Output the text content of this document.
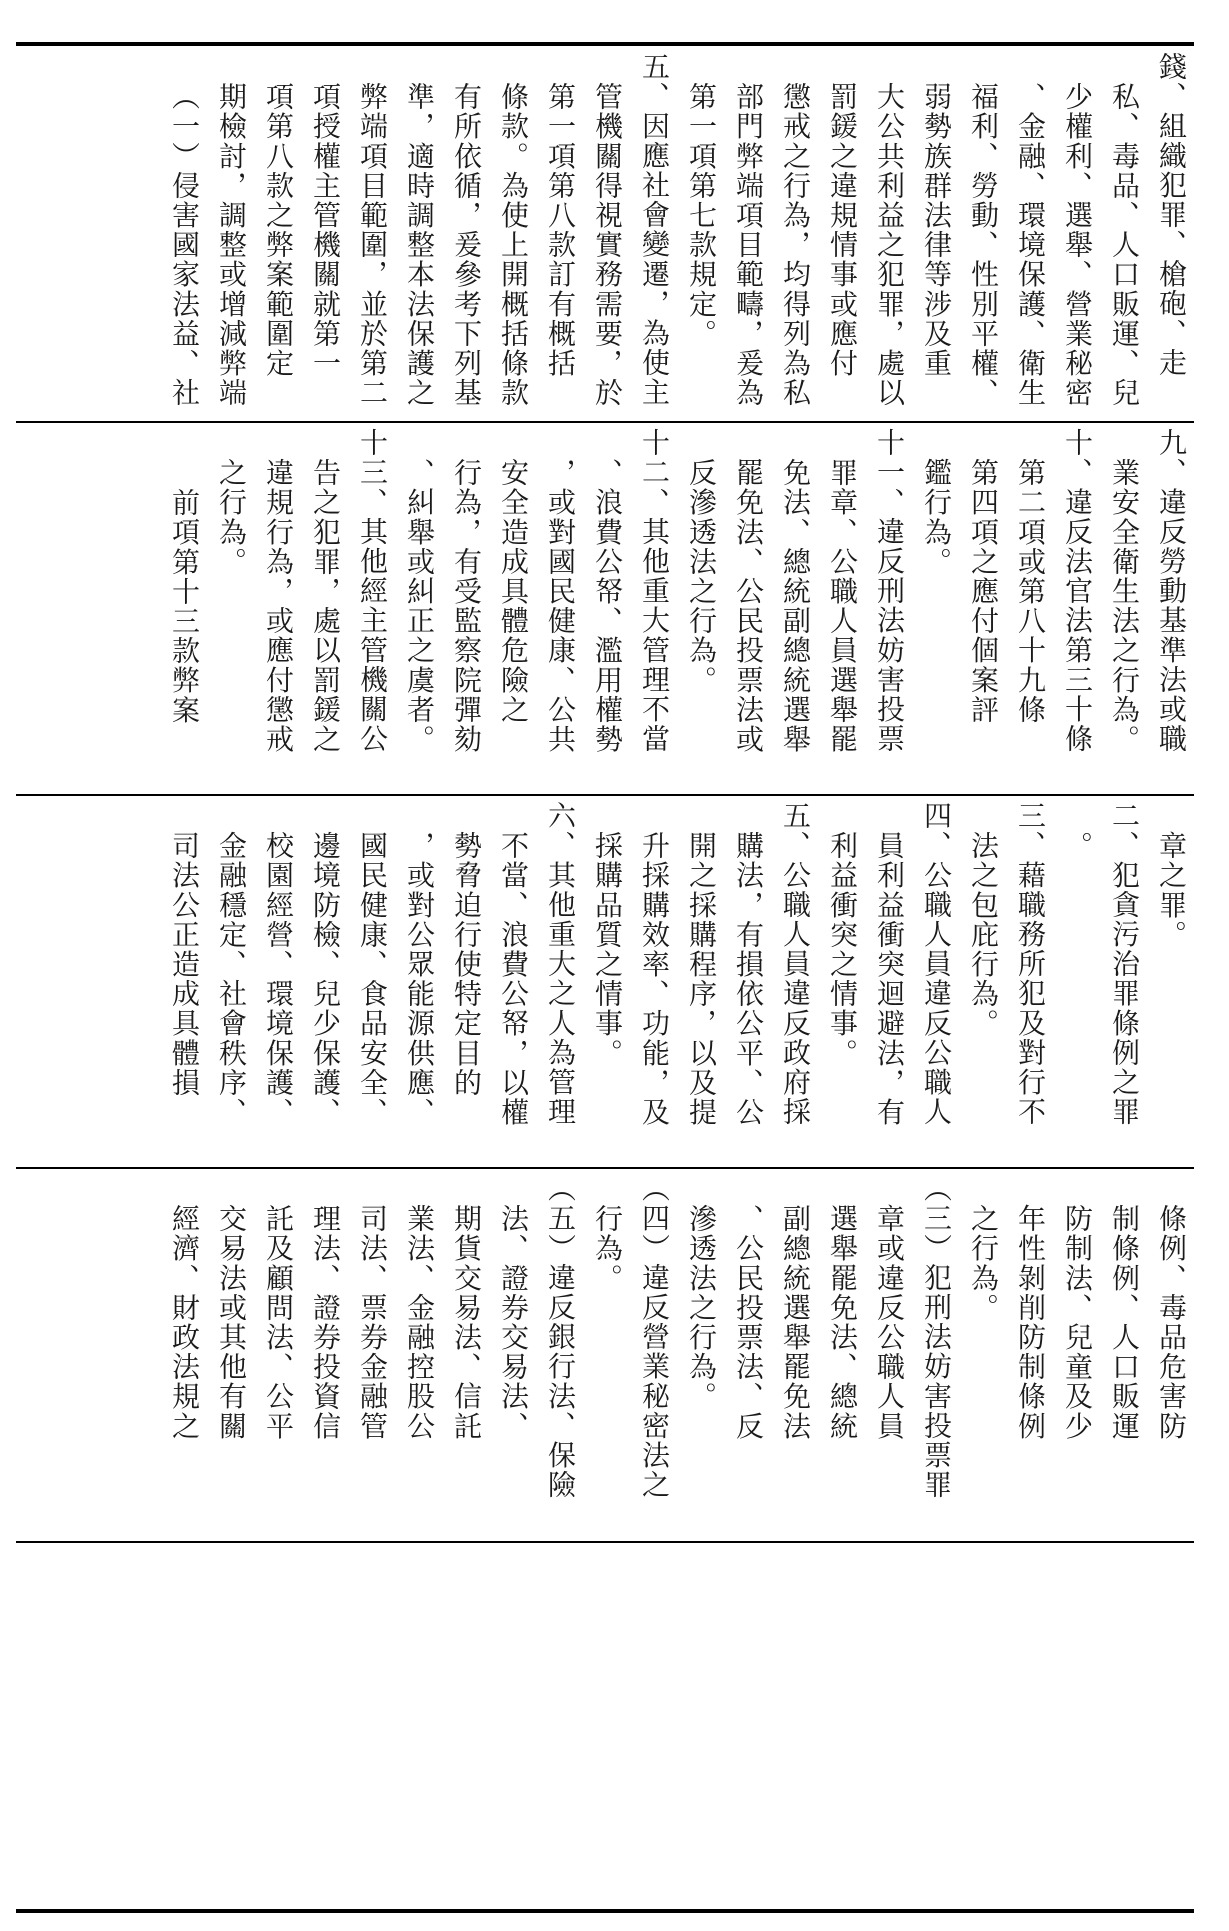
錢、組織犯罪、槍砲、走
私、毒品、人口販運、兒
少權利、選舉、營業秘密
、金融、環境保護、衛生
福利、勞動、性別平權、
弱勢族群法律等涉及重
大公共利益之犯罪，處以
罰鍰之違規情事或應付
懲戒之行為，均得列為私
部門弊端項目範疇，爰為
第一項第七款規定。
五、因應社會變遷，為使主
管機關得視實務需要，於
第一項第八款訂有概括
條款。為使上開概括條款
有所依循，爰參考下列基
準，適時調整本法保護之
弊端項目範圍，並於第二
項授權主管機關就第一
項第八款之弊案範圍定
期檢討，調整或增減弊端
（一）侵害國家法益、社
九、違反勞動基準法或職
業安全衛生法之行為。
十、違反法官法第三十條
第二項或第八十九條
第四項之應付個案評
鑑行為。
十一、違反刑法妨害投票
罪章、公職人員選舉罷
免法、總統副總統選舉
罷免法、公民投票法或
反滲透法之行為。
十二、其他重大管理不當
、浪費公帑、濫用權勢
，或對國民健康、公共
安全造成具體危險之
行為，有受監察院彈劾
、糾舉或糾正之虞者。
十三、其他經主管機關公
告之犯罪，處以罰鍰之
違規行為，或應付懲戒
之行為。
前項第十三款弊案
章之罪。
二、犯貪污治罪條例之罪
。
三、藉職務所犯及對行不
法之包庇行為。
四、公職人員違反公職人
員利益衝突迴避法，有
利益衝突之情事。
五、公職人員違反政府採
購法，有損依公平、公
開之採購程序，以及提
升採購效率、功能，及
採購品質之情事。
六、其他重大之人為管理
不當、浪費公帑，以權
勢脅迫行使特定目的
，或對公眾能源供應、
國民健康、食品安全、
邊境防檢、兒少保護、
校園經營、環境保護、
金融穩定、社會秩序、
司法公正造成具體損
條例、毒品危害防
制條例、人口販運
防制法、兒童及少
年性剝削防制條例
之行為。
（三）犯刑法妨害投票罪
章或違反公職人員
選舉罷免法、總統
副總統選舉罷免法
、公民投票法、反
滲透法之行為。
（四）違反營業秘密法之
行為。
（五）違反銀行法、保險
法、證券交易法、
期貨交易法、信託
業法、金融控股公
司法、票券金融管
理法、證券投資信
託及顧問法、公平
交易法或其他有關
經濟、財政法規之
